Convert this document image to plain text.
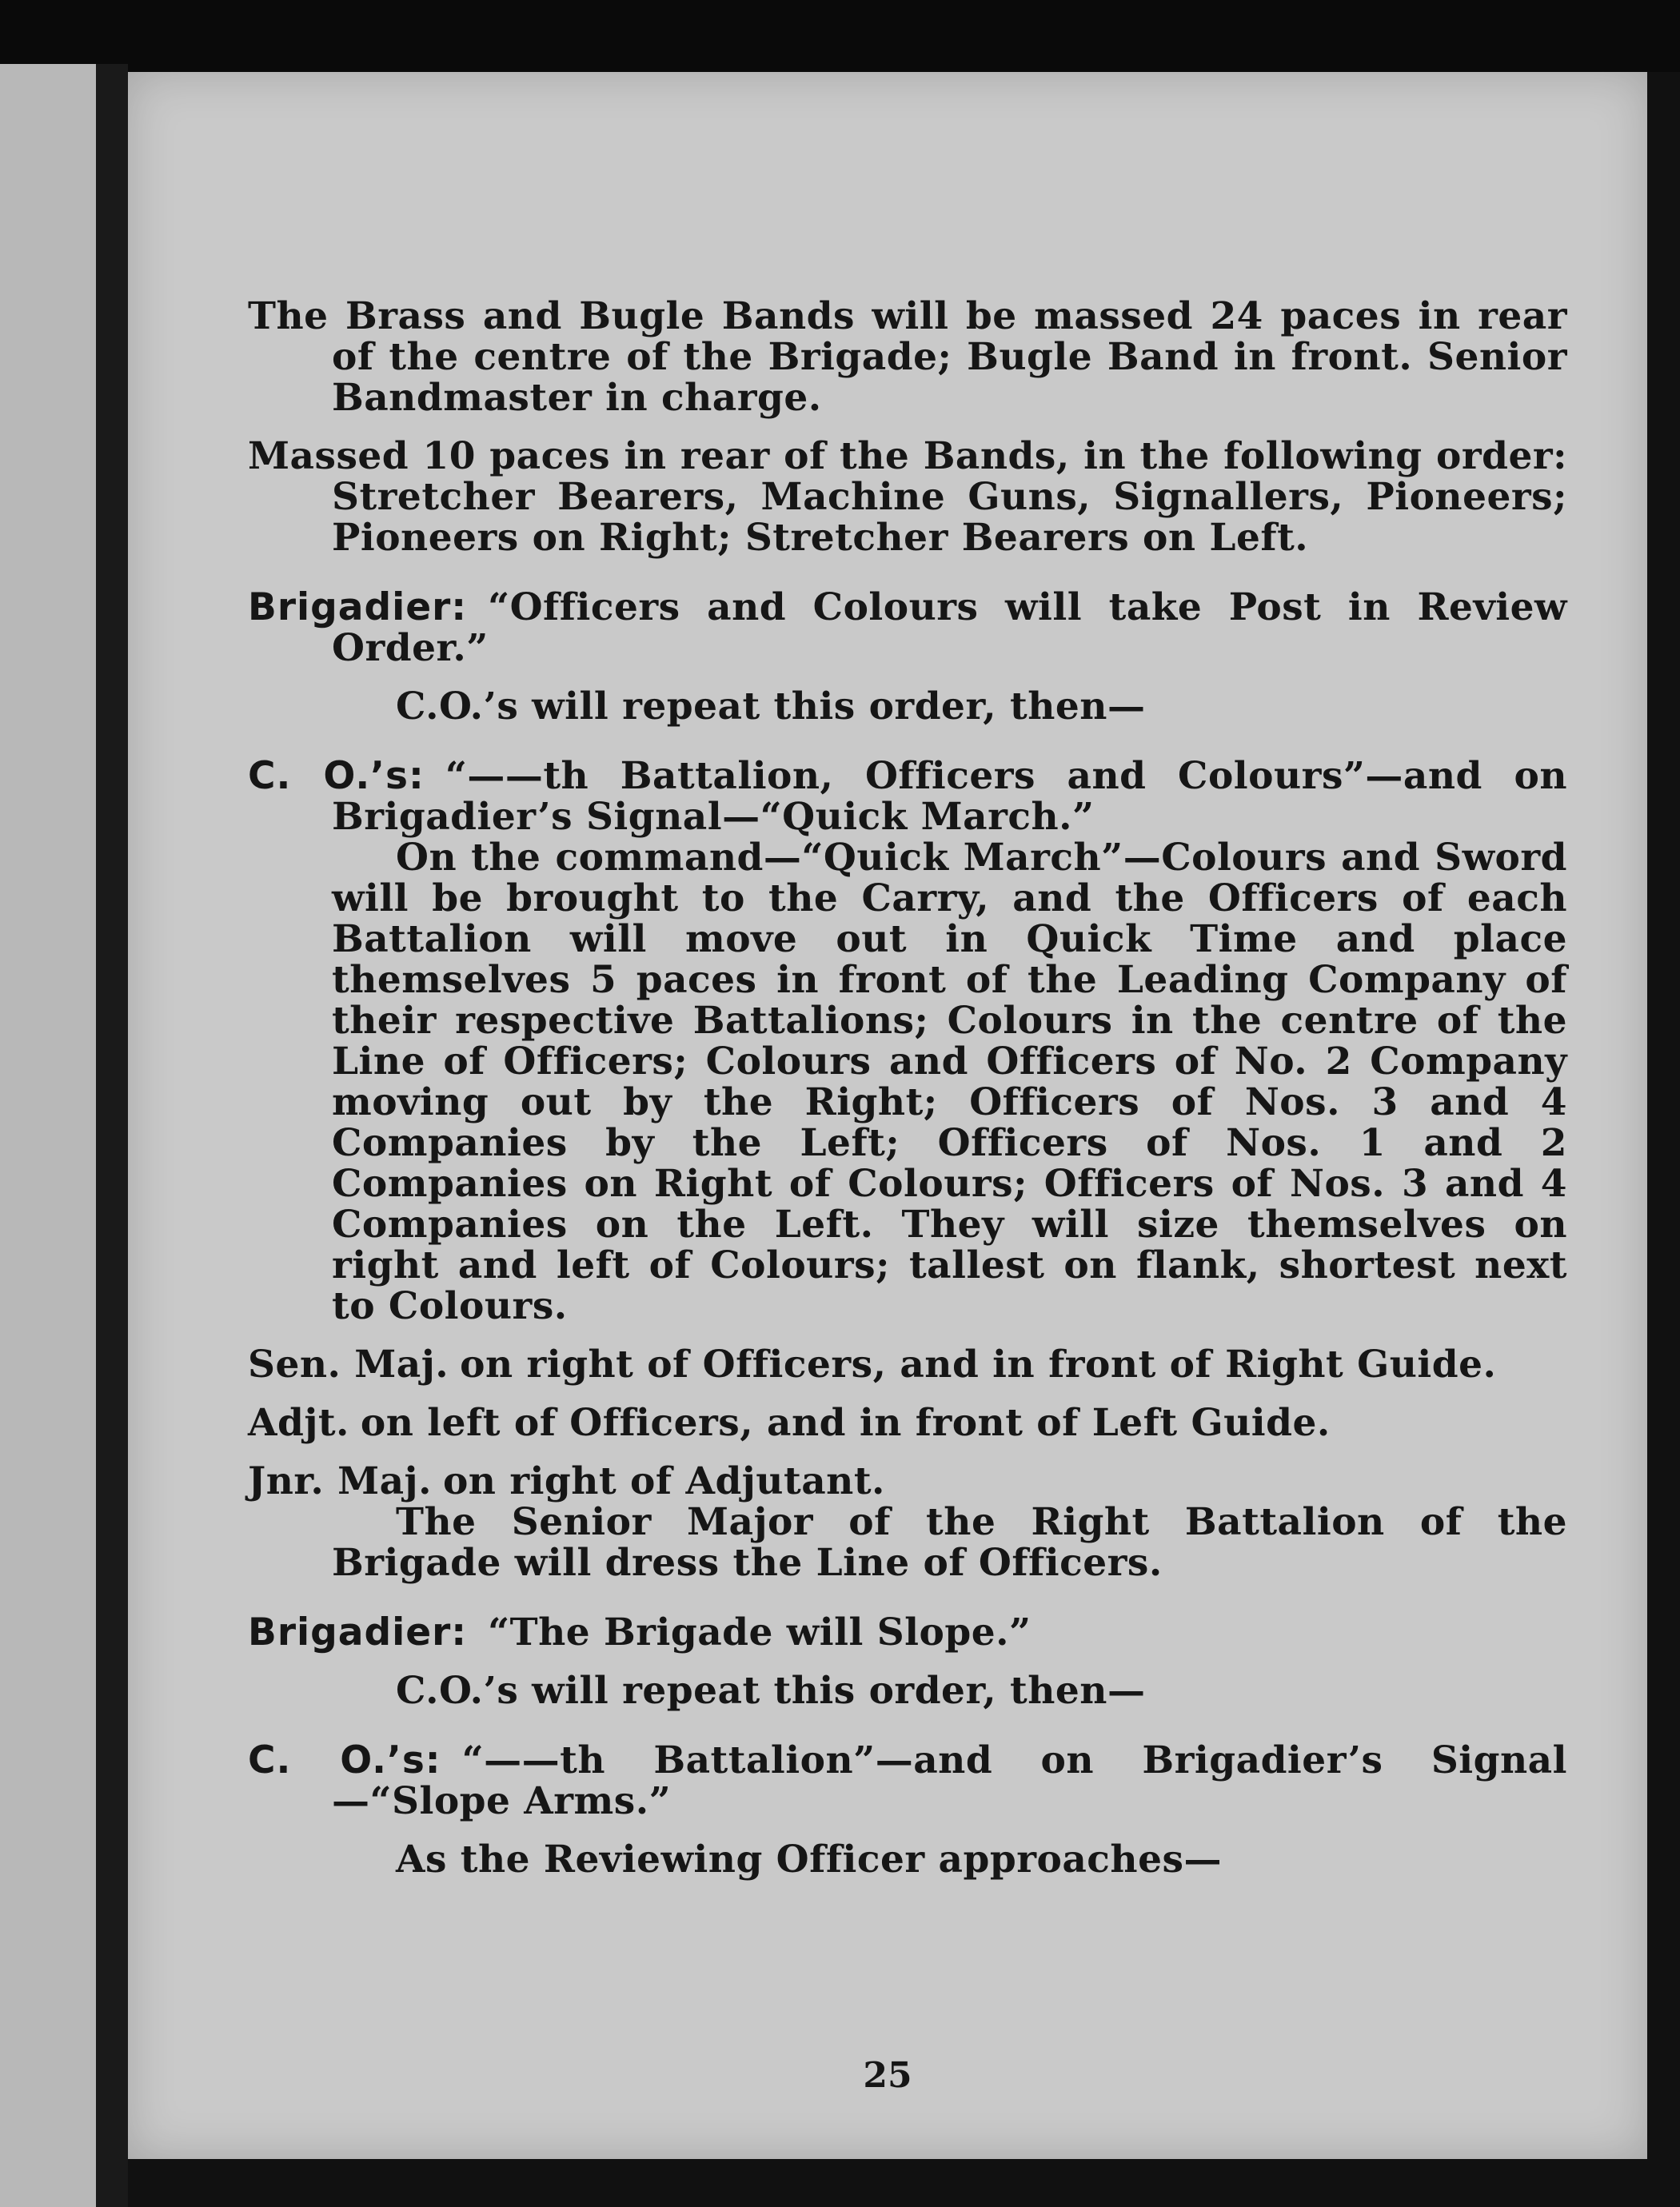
The Brass and Bugle Bands will be massed 24 paces in rear of the centre of the Brigade; Bugle Band in front. Senior Bandmaster in charge.

Massed 10 paces in rear of the Bands, in the following order: Stretcher Bearers, Machine Guns, Signallers, Pioneers; Pioneers on Right; Stretcher Bearers on Left.

Brigadier: “Officers and Colours will take Post in Review Order.”

C.O.’s will repeat this order, then—

C. O.’s: “——th Battalion, Officers and Colours”—and on Brigadier’s Signal—“Quick March.”

On the command—“Quick March”—Colours and Sword will be brought to the Carry, and the Officers of each Battalion will move out in Quick Time and place themselves 5 paces in front of the Leading Company of their respective Battalions; Colours in the centre of the Line of Officers; Colours and Officers of No. 2 Company moving out by the Right; Officers of Nos. 3 and 4 Companies by the Left; Officers of Nos. 1 and 2 Companies on Right of Colours; Officers of Nos. 3 and 4 Companies on the Left. They will size themselves on right and left of Colours; tallest on flank, shortest next to Colours.

Sen. Maj. on right of Officers, and in front of Right Guide.

Adjt. on left of Officers, and in front of Left Guide.

Jnr. Maj. on right of Adjutant.

The Senior Major of the Right Battalion of the Brigade will dress the Line of Officers.

Brigadier: “The Brigade will Slope.”

C.O.’s will repeat this order, then—

C. O.’s: “——th Battalion”—and on Brigadier’s Signal—“Slope Arms.”

As the Reviewing Officer approaches—

25
